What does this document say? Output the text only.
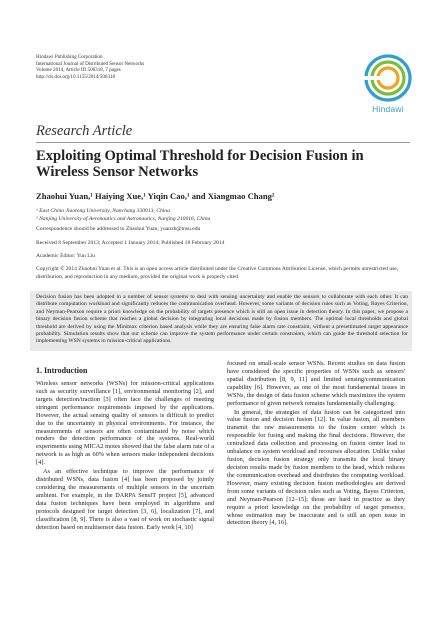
Hindawi Publishing Corporation
International Journal of Distributed Sensor Networks
Volume 2014, Article ID 506318, 7 pages
http://dx.doi.org/10.1155/2014/506318
Hindawi
Research Article
Exploiting Optimal Threshold for Decision Fusion in
Wireless Sensor Networks
Zhaohui Yuan,¹ Haiying Xue,¹ Yiqin Cao,¹ and Xiangmao Chang²
¹ East China Jiaotong University, Nanchang 330013, China
² Nanjing University of Aeronautics and Astronautics, Nanjing 210016, China
Correspondence should be addressed to Zhaohui Yuan; yuanzh@msu.edu
Received 8 September 2013; Accepted 1 January 2014; Published 18 February 2014
Academic Editor: Yun Liu
Copyright © 2014 Zhaohui Yuan et al. This is an open access article distributed under the Creative Commons Attribution License, which permits unrestricted use, distribution, and reproduction in any medium, provided the original work is properly cited.
Decision fusion has been adopted in a number of sensor systems to deal with sensing uncertainty and enable the sensors to collaborate with each other. It can distribute computation workload and significantly reduces the communication overhead. However, some variants of decision rules such as Voting, Bayes Criterion, and Neyman-Pearson require a priori knowledge on the probability of targets presence which is still an open issue in detection theory. In this paper, we propose a binary decision fusion scheme that reaches a global decision by integrating local decisions made by fusion members. The optimal local thresholds and global threshold are derived by using the Minimax criterion based analysis while they are ensuring false alarm rate constraint, without a presettimated target appearance probability. Simulation results show that our scheme can improve the system performance under certain constraints, which can guide the threshold selection for implementing WSN systems in mission-critical applications.
1. Introduction

Wireless sensor networks (WSNs) for mission-critical applications such as security surveillance [1], environmental monitoring [2], and targets detection/traction [3] often face the challenges of meeting stringent performance requirements imposed by the applications. However, the actual sensing quality of sensors is difficult to predict due to the uncertainty in physical environments. For instance, the measurements of sensors are often contaminated by noise which renders the detection performance of the systems. Real-world experiments using MICA2 motes showed that the false alarm rate of a network is as high as 60% when sensors make independent decisions [4].

As an effective technique to improve the performance of distributed WSNs, data fusion [4] has been proposed by jointly considering the measurements of multiple sensors in the uncertain ambient. For example, in the DARPA SensIT project [5], advanced data fusion techniques have been employed in algorithms and protocols designed for target detection [3, 6], localization [7], and classification [8, 9]. There is also a vast of work on stochastic signal detection based on multisensor data fusion. Early work [4, 10]

focused on small-scale sensor WSNs. Recent studies on data fusion have considered the specific properties of WSNs such as sensors' spatial distribution [8, 9, 11] and limited sensing/communication capability [6]. However, as one of the most fundamental issues in WSNs, the design of data fusion scheme which maximizes the system performance of given network remains fundamentally challenging.

In general, the strategies of data fusion can be categorized into value fusion and decision fusion [12]. In value fusion, all members transmit the raw measurements to the fusion center which is responsible for fusing and making the final decisions. However, the centralized data collection and processing on fusion center lead to unbalance on system workload and recourses allocation. Unlike value fusion, decision fusion strategy only transmits the local binary decision results made by fusion members to the head, which reduces the communication overhead and distributes the computing workload. However, many existing decision fusion methodologies are derived from some variants of decision rules such as Voting, Bayes Criterion, and Neyman-Pearson [12–15]; those are hard in practice as they require a priori knowledge on the probability of target presence, whose estimation may be inaccurate and is still an open issue in detection theory [4, 16].
